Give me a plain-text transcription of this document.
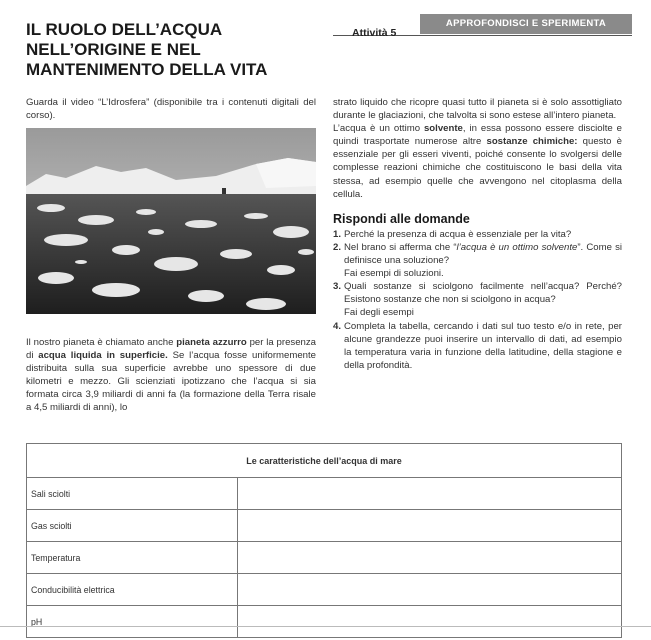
APPROFONDISCI E SPERIMENTA
Attività 5
IL RUOLO DELL’ACQUA NELL’ORIGINE E NEL MANTENIMENTO DELLA VITA

Guarda il video “L’Idrosfera” (disponibile tra i contenuti digitali del corso).

Il nostro pianeta è chiamato anche pianeta azzurro per la presenza di acqua liquida in superficie. Se l’acqua fosse uniformemente distribuita sulla sua superficie avrebbe uno spessore di due kilometri e mezzo. Gli scienziati ipotizzano che l’acqua si sia formata circa 3,9 miliardi di anni fa (la formazione della Terra risale a 4,5 miliardi di anni), lo

strato liquido che ricopre quasi tutto il pianeta si è solo assottigliato durante le glaciazioni, che talvolta si sono estese all’intero pianeta.

L’acqua è un ottimo solvente, in essa possono essere disciolte e quindi trasportate numerose altre sostanze chimiche: questo è essenziale per gli esseri viventi, poiché consente lo svolgersi delle complesse reazioni chimiche che costituiscono le basi della vita stessa, ad esempio quelle che avvengono nel citoplasma della cellula.

Rispondi alle domande

1. Perché la presenza di acqua è essenziale per la vita?

2. Nel brano si afferma che “l’acqua è un ottimo solvente”. Come si definisce una soluzione?
Fai esempi di soluzioni.

3. Quali sostanze si sciolgono facilmente nell’acqua? Perché? Esistono sostanze che non si sciolgono in acqua?
Fai degli esempi

4. Completa la tabella, cercando i dati sul tuo testo e/o in rete, per alcune grandezze puoi inserire un intervallo di dati, ad esempio la temperatura varia in funzione della latitudine, della stagione e della profondità.

Le caratteristiche dell’acqua di mare	
Sali sciolti	
Gas sciolti	
Temperatura	
Conducibilità elettrica	
pH	
